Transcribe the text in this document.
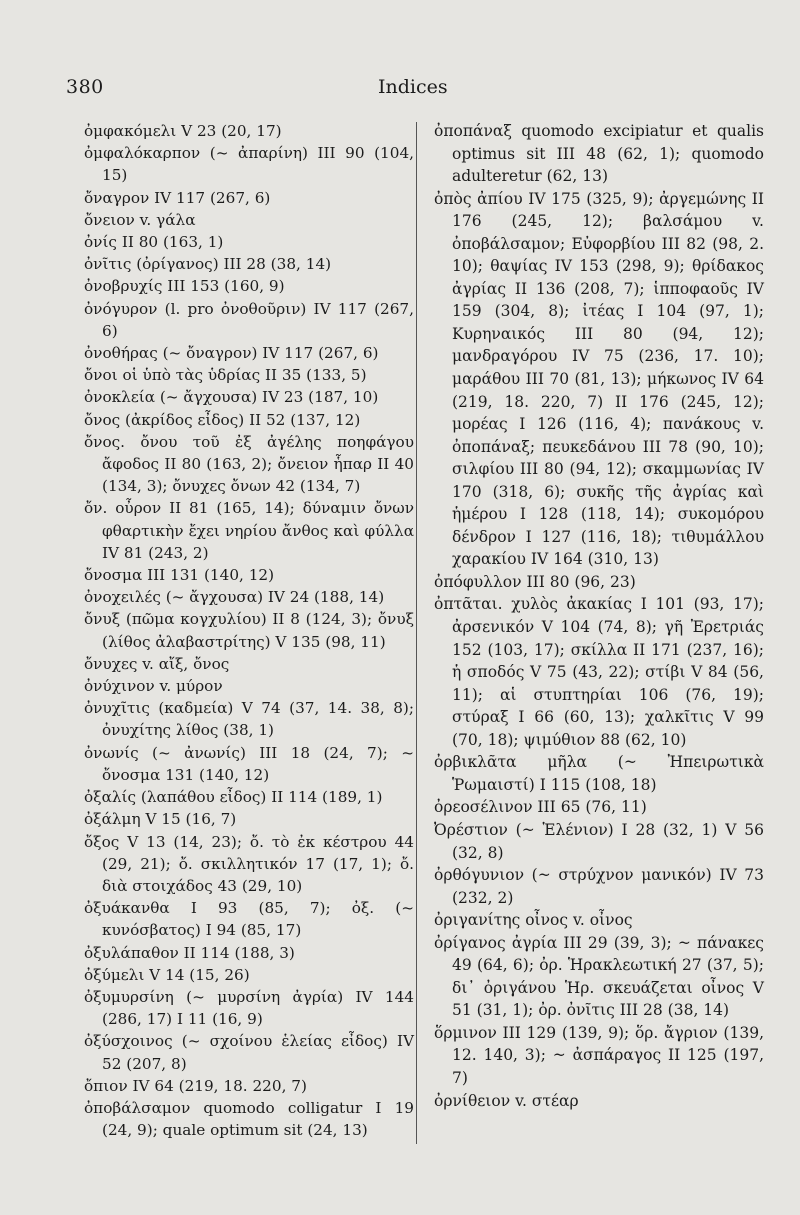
380	Indices
ὀμφακόμελι V 23 (20, 17)
ὀμφαλόκαρπον (~ ἀπαρίνη) III 90 (104, 15)
ὄναγρον IV 117 (267, 6)
ὄνειον v. γάλα
ὀνίς II 80 (163, 1)
ὀνῖτις (ὀρίγανος) III 28 (38, 14)
ὀνοβρυχίς III 153 (160, 9)
ὀνόγυρον (l. pro ὀνοθοῦριν) IV 117 (267, 6)
ὀνοθήρας (~ ὄναγρον) IV 117 (267, 6)
ὄνοι οἱ ὑπὸ τὰς ὑδρίας II 35 (133, 5)
ὀνοκλεία (~ ἄγχουσα) IV 23 (187, 10)
ὄνος (ἀκρίδος εἶδος) II 52 (137, 12)
ὄνος. ὄνου τοῦ ἐξ ἀγέλης ποηφάγου ἄφοδος II 80 (163, 2); ὄνειον ἧπαρ II 40 (134, 3); ὄνυχες ὄνων 42 (134, 7)
ὄν. οὖρον II 81 (165, 14); δύναμιν ὄνων φθαρτικὴν ἔχει νηρίου ἄνθος καὶ φύλλα IV 81 (243, 2)
ὄνοσμα III 131 (140, 12)
ὀνοχειλές (~ ἄγχουσα) IV 24 (188, 14)
ὄνυξ (πῶμα κογχυλίου) II 8 (124, 3); ὄνυξ (λίθος ἀλαβαστρίτης) V 135 (98, 11)
ὄνυχες v. αἴξ, ὄνος
ὀνύχινον v. μύρον
ὀνυχῖτις (καδμεία) V 74 (37, 14. 38, 8); ὀνυχίτης λίθος (38, 1)
ὀνωνίς (~ ἀνωνίς) III 18 (24, 7); ~ ὄνοσμα 131 (140, 12)
ὀξαλίς (λαπάθου εἶδος) II 114 (189, 1)
ὀξάλμη V 15 (16, 7)
ὄξος V 13 (14, 23); ὄ. τὸ ἐκ κέστρου 44 (29, 21); ὄ. σκιλλητικόν 17 (17, 1); ὄ. διὰ στοιχάδος 43 (29, 10)
ὀξυάκανθα I 93 (85, 7); ὀξ. (~ κυνόσβατος) I 94 (85, 17)
ὀξυλάπαθον II 114 (188, 3)
ὀξύμελι V 14 (15, 26)
ὀξυμυρσίνη (~ μυρσίνη ἀγρία) IV 144 (286, 17) I 11 (16, 9)
ὀξύσχοινος (~ σχοίνου ἑλείας εἶδος) IV 52 (207, 8)
ὄπιον IV 64 (219, 18. 220, 7)
ὀποβάλσαμον quomodo colligatur I 19 (24, 9); quale optimum sit (24, 13)
ὀποπάναξ quomodo excipiatur et qualis optimus sit III 48 (62, 1); quomodo adulteretur (62, 13)
ὀπὸς ἀπίου IV 175 (325, 9); ἀργεμώνης II 176 (245, 12); βαλσάμου v. ὀποβάλσαμον; Εὐφορβίου III 82 (98, 2. 10); θαψίας IV 153 (298, 9); θρίδακος ἀγρίας II 136 (208, 7); ἱπποφαοῦς IV 159 (304, 8); ἰτέας I 104 (97, 1); Κυρηναικός III 80 (94, 12); μανδραγόρου IV 75 (236, 17. 10); μαράθου III 70 (81, 13); μήκωνος IV 64 (219, 18. 220, 7) II 176 (245, 12); μορέας I 126 (116, 4); πανάκους v. ὀποπάναξ; πευκεδάνου III 78 (90, 10); σιλφίου III 80 (94, 12); σκαμμωνίας IV 170 (318, 6); συκῆς τῆς ἀγρίας καὶ ἡμέρου I 128 (118, 14); συκομόρου δένδρον I 127 (116, 18); τιθυμάλλου χαρακίου IV 164 (310, 13)
ὀπόφυλλον III 80 (96, 23)
ὀπτᾶται. χυλὸς ἀκακίας I 101 (93, 17); ἀρσενικόν V 104 (74, 8); γῆ Ἐρετριάς 152 (103, 17); σκίλλα II 171 (237, 16); ἡ σποδός V 75 (43, 22); στίβι V 84 (56, 11); αἱ στυπτηρίαι 106 (76, 19); στύραξ I 66 (60, 13); χαλκῖτις V 99 (70, 18); ψιμύθιον 88 (62, 10)
ὀρβικλᾶτα μῆλα (~ Ἠπειρωτικὰ Ῥωμαιστί) I 115 (108, 18)
ὀρεοσέλινον III 65 (76, 11)
Ὀρέστιον (~ Ἑλένιον) I 28 (32, 1) V 56 (32, 8)
ὀρθόγυνιον (~ στρύχνον μανικόν) IV 73 (232, 2)
ὀριγανίτης οἶνος v. οἶνος
ὀρίγανος ἀγρία III 29 (39, 3); ~ πάνακες 49 (64, 6); ὀρ. Ἡρακλεωτική 27 (37, 5); δι᾽ ὀριγάνου Ἡρ. σκευάζεται οἶνος V 51 (31, 1); ὀρ. ὀνῖτις III 28 (38, 14)
ὅρμινον III 129 (139, 9); ὅρ. ἄγριον (139, 12. 140, 3); ~ ἀσπάραγος II 125 (197, 7)
ὀρνίθειον v. στέαρ
